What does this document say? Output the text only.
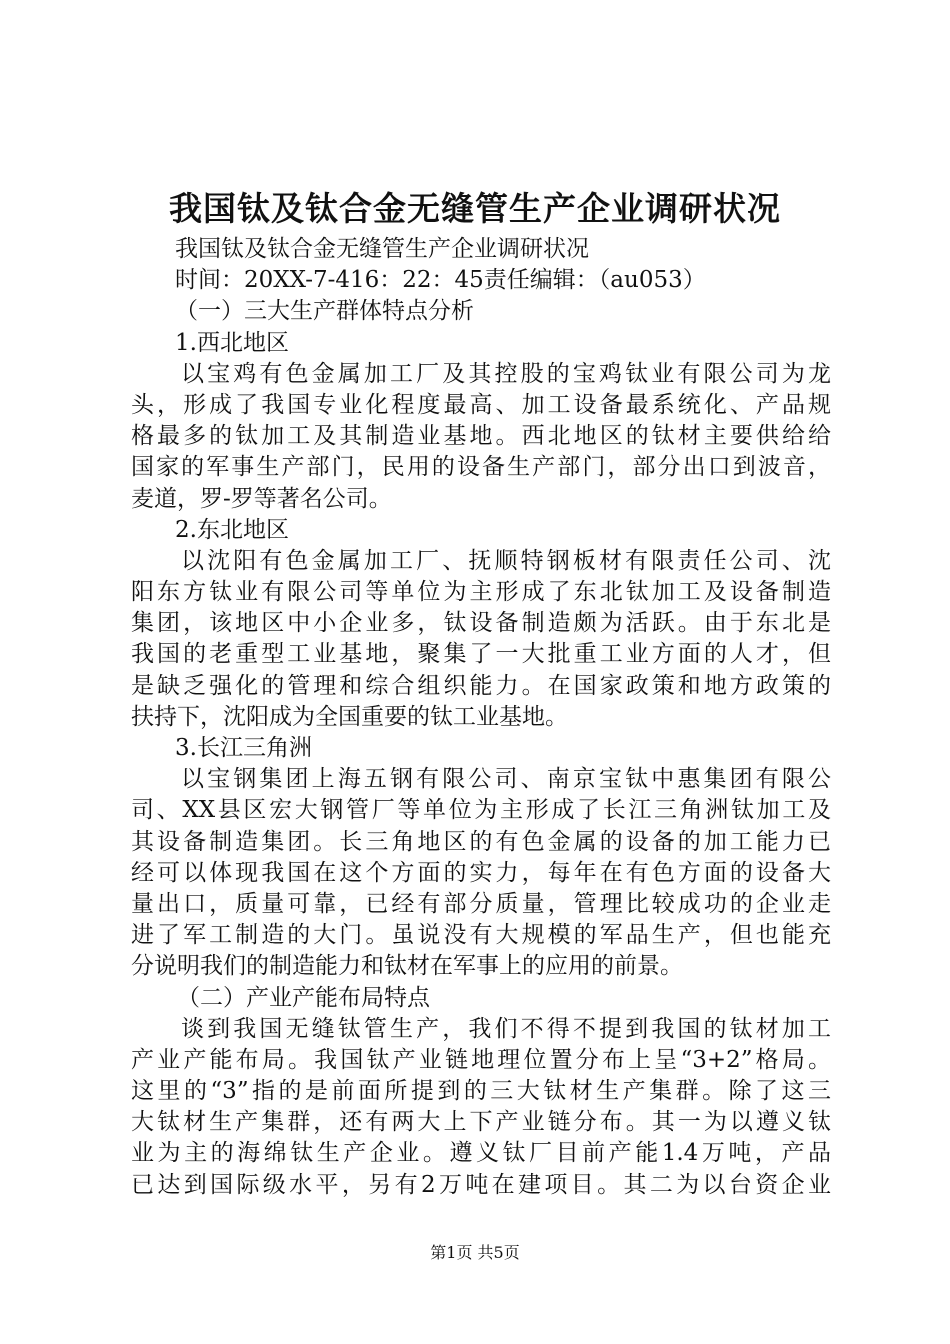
我国钛及钛合金无缝管生产企业调研状况
我国钛及钛合金无缝管生产企业调研状况
时间：20XX-7-416：22：45责任编辑：（au053）
（一）三大生产群体特点分析
1.西北地区
以宝鸡有色金属加工厂及其控股的宝鸡钛业有限公司为龙
头，形成了我国专业化程度最高、加工设备最系统化、产品规
格最多的钛加工及其制造业基地。西北地区的钛材主要供给给
国家的军事生产部门，民用的设备生产部门，部分出口到波音，
麦道，罗-罗等著名公司。
2.东北地区
以沈阳有色金属加工厂、抚顺特钢板材有限责任公司、沈
阳东方钛业有限公司等单位为主形成了东北钛加工及设备制造
集团，该地区中小企业多，钛设备制造颇为活跃。由于东北是
我国的老重型工业基地，聚集了一大批重工业方面的人才，但
是缺乏强化的管理和综合组织能力。在国家政策和地方政策的
扶持下，沈阳成为全国重要的钛工业基地。
3.长江三角洲
以宝钢集团上海五钢有限公司、南京宝钛中惠集团有限公
司、XX县区宏大钢管厂等单位为主形成了长江三角洲钛加工及
其设备制造集团。长三角地区的有色金属的设备的加工能力已
经可以体现我国在这个方面的实力，每年在有色方面的设备大
量出口，质量可靠，已经有部分质量，管理比较成功的企业走
进了军工制造的大门。虽说没有大规模的军品生产，但也能充
分说明我们的制造能力和钛材在军事上的应用的前景。
（二）产业产能布局特点
谈到我国无缝钛管生产，我们不得不提到我国的钛材加工
产业产能布局。我国钛产业链地理位置分布上呈“3+2”格局。
这里的“3”指的是前面所提到的三大钛材生产集群。除了这三
大钛材生产集群，还有两大上下产业链分布。其一为以遵义钛
业为主的海绵钛生产企业。遵义钛厂目前产能1.4万吨，产品
已达到国际级水平，另有2万吨在建项目。其二为以台资企业
第1页 共5页
